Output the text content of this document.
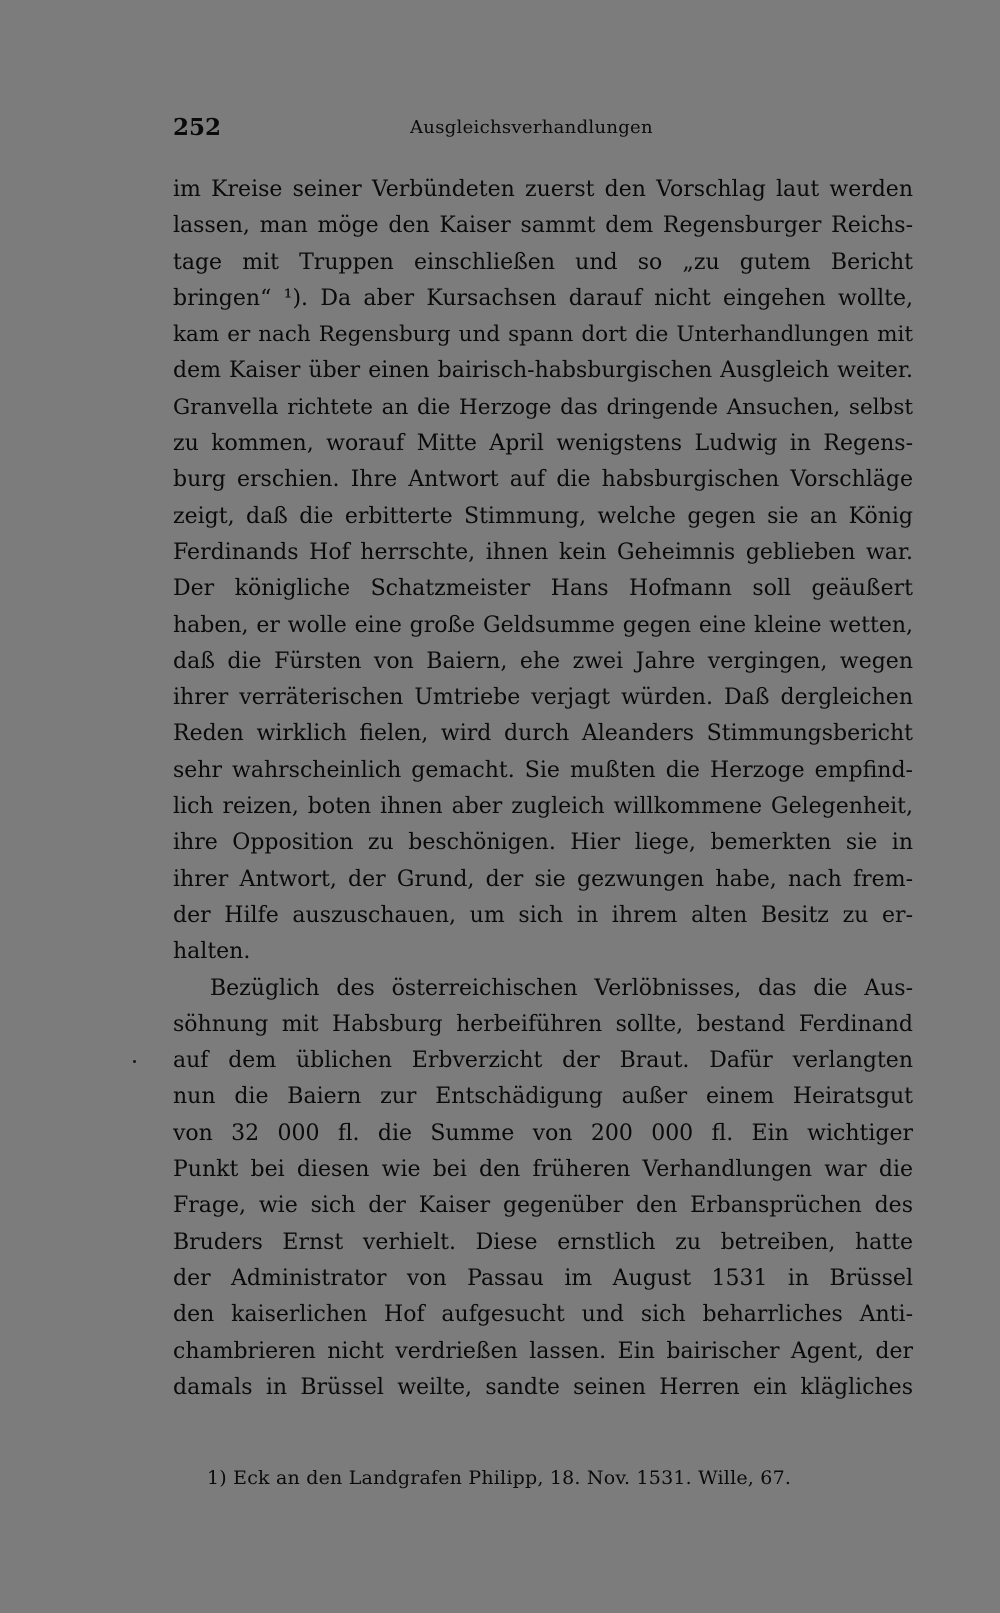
252	Ausgleichsverhandlungen
im Kreise seiner Verbündeten zuerst den Vorschlag laut werden
lassen, man möge den Kaiser sammt dem Regensburger Reichs-
tage mit Truppen einschließen und so „zu gutem Bericht
bringen“ ¹). Da aber Kursachsen darauf nicht eingehen wollte,
kam er nach Regensburg und spann dort die Unterhandlungen mit
dem Kaiser über einen bairisch-habsburgischen Ausgleich weiter.
Granvella richtete an die Herzoge das dringende Ansuchen, selbst
zu kommen, worauf Mitte April wenigstens Ludwig in Regens-
burg erschien. Ihre Antwort auf die habsburgischen Vorschläge
zeigt, daß die erbitterte Stimmung, welche gegen sie an König
Ferdinands Hof herrschte, ihnen kein Geheimnis geblieben war.
Der königliche Schatzmeister Hans Hofmann soll geäußert
haben, er wolle eine große Geldsumme gegen eine kleine wetten,
daß die Fürsten von Baiern, ehe zwei Jahre vergingen, wegen
ihrer verräterischen Umtriebe verjagt würden. Daß dergleichen
Reden wirklich fielen, wird durch Aleanders Stimmungsbericht
sehr wahrscheinlich gemacht. Sie mußten die Herzoge empfind-
lich reizen, boten ihnen aber zugleich willkommene Gelegenheit,
ihre Opposition zu beschönigen. Hier liege, bemerkten sie in
ihrer Antwort, der Grund, der sie gezwungen habe, nach frem-
der Hilfe auszuschauen, um sich in ihrem alten Besitz zu er-
halten.
Bezüglich des österreichischen Verlöbnisses, das die Aus-
söhnung mit Habsburg herbeiführen sollte, bestand Ferdinand
auf dem üblichen Erbverzicht der Braut. Dafür verlangten
nun die Baiern zur Entschädigung außer einem Heiratsgut
von 32 000 fl. die Summe von 200 000 fl. Ein wichtiger
Punkt bei diesen wie bei den früheren Verhandlungen war die
Frage, wie sich der Kaiser gegenüber den Erbansprüchen des
Bruders Ernst verhielt. Diese ernstlich zu betreiben, hatte
der Administrator von Passau im August 1531 in Brüssel
den kaiserlichen Hof aufgesucht und sich beharrliches Anti-
chambrieren nicht verdrießen lassen. Ein bairischer Agent, der
damals in Brüssel weilte, sandte seinen Herren ein klägliches
1) Eck an den Landgrafen Philipp, 18. Nov. 1531. Wille, 67.
